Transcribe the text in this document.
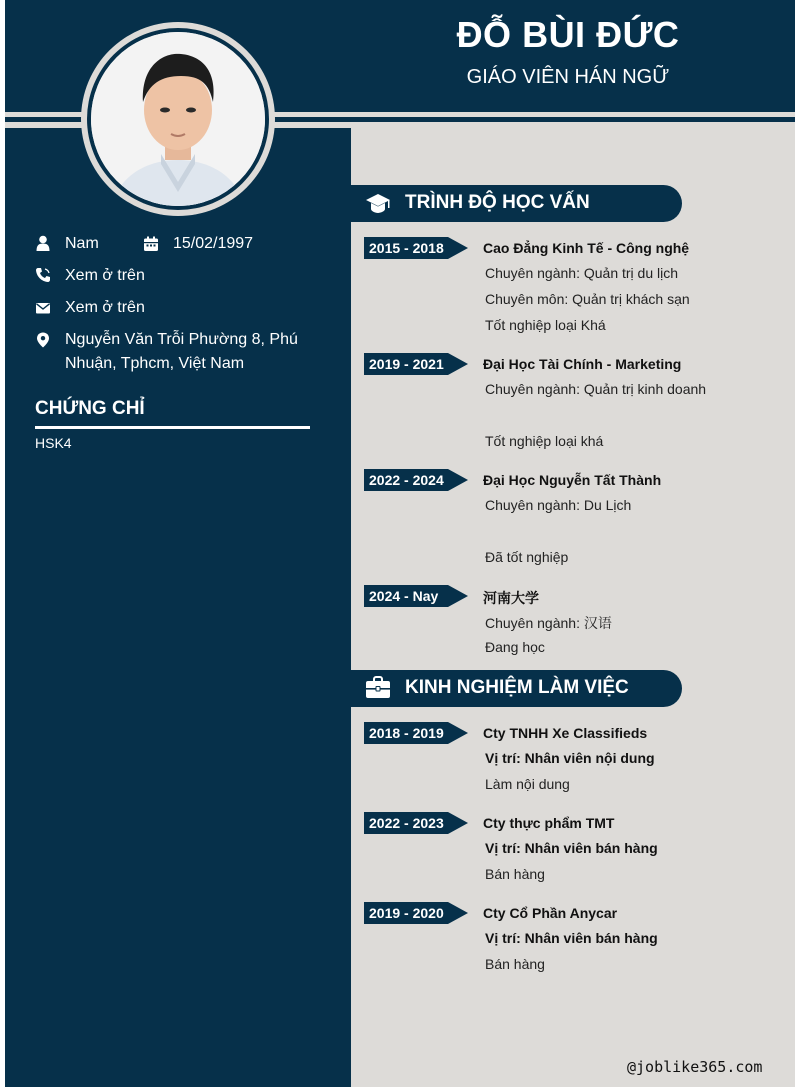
ĐỖ BÙI ĐỨC
GIÁO VIÊN HÁN NGỮ
Nam	15/02/1997
Xem ở trên
Xem ở trên
Nguyễn Văn Trỗi Phường 8, Phú
Nhuận, Tphcm, Việt Nam
CHỨNG CHỈ
HSK4
TRÌNH ĐỘ HỌC VẤN
2015 - 2018	Cao Đẳng Kinh Tế - Công nghệ
Chuyên ngành: Quản trị du lịch
Chuyên môn: Quản trị khách sạn
Tốt nghiệp loại Khá
2019 - 2021	Đại Học Tài Chính - Marketing
Chuyên ngành: Quản trị kinh doanh
Tốt nghiệp loại khá
2022 - 2024	Đại Học Nguyễn Tất Thành
Chuyên ngành: Du Lịch
Đã tốt nghiệp
2024 - Nay	河南大学
Chuyên ngành: 汉语
Đang học
KINH NGHIỆM LÀM VIỆC
2018 - 2019	Cty TNHH Xe Classifieds
Vị trí: Nhân viên nội dung
Làm nội dung
2022 - 2023	Cty thực phẩm TMT
Vị trí: Nhân viên bán hàng
Bán hàng
2019 - 2020	Cty Cổ Phần Anycar
Vị trí: Nhân viên bán hàng
Bán hàng
@joblike365.com
